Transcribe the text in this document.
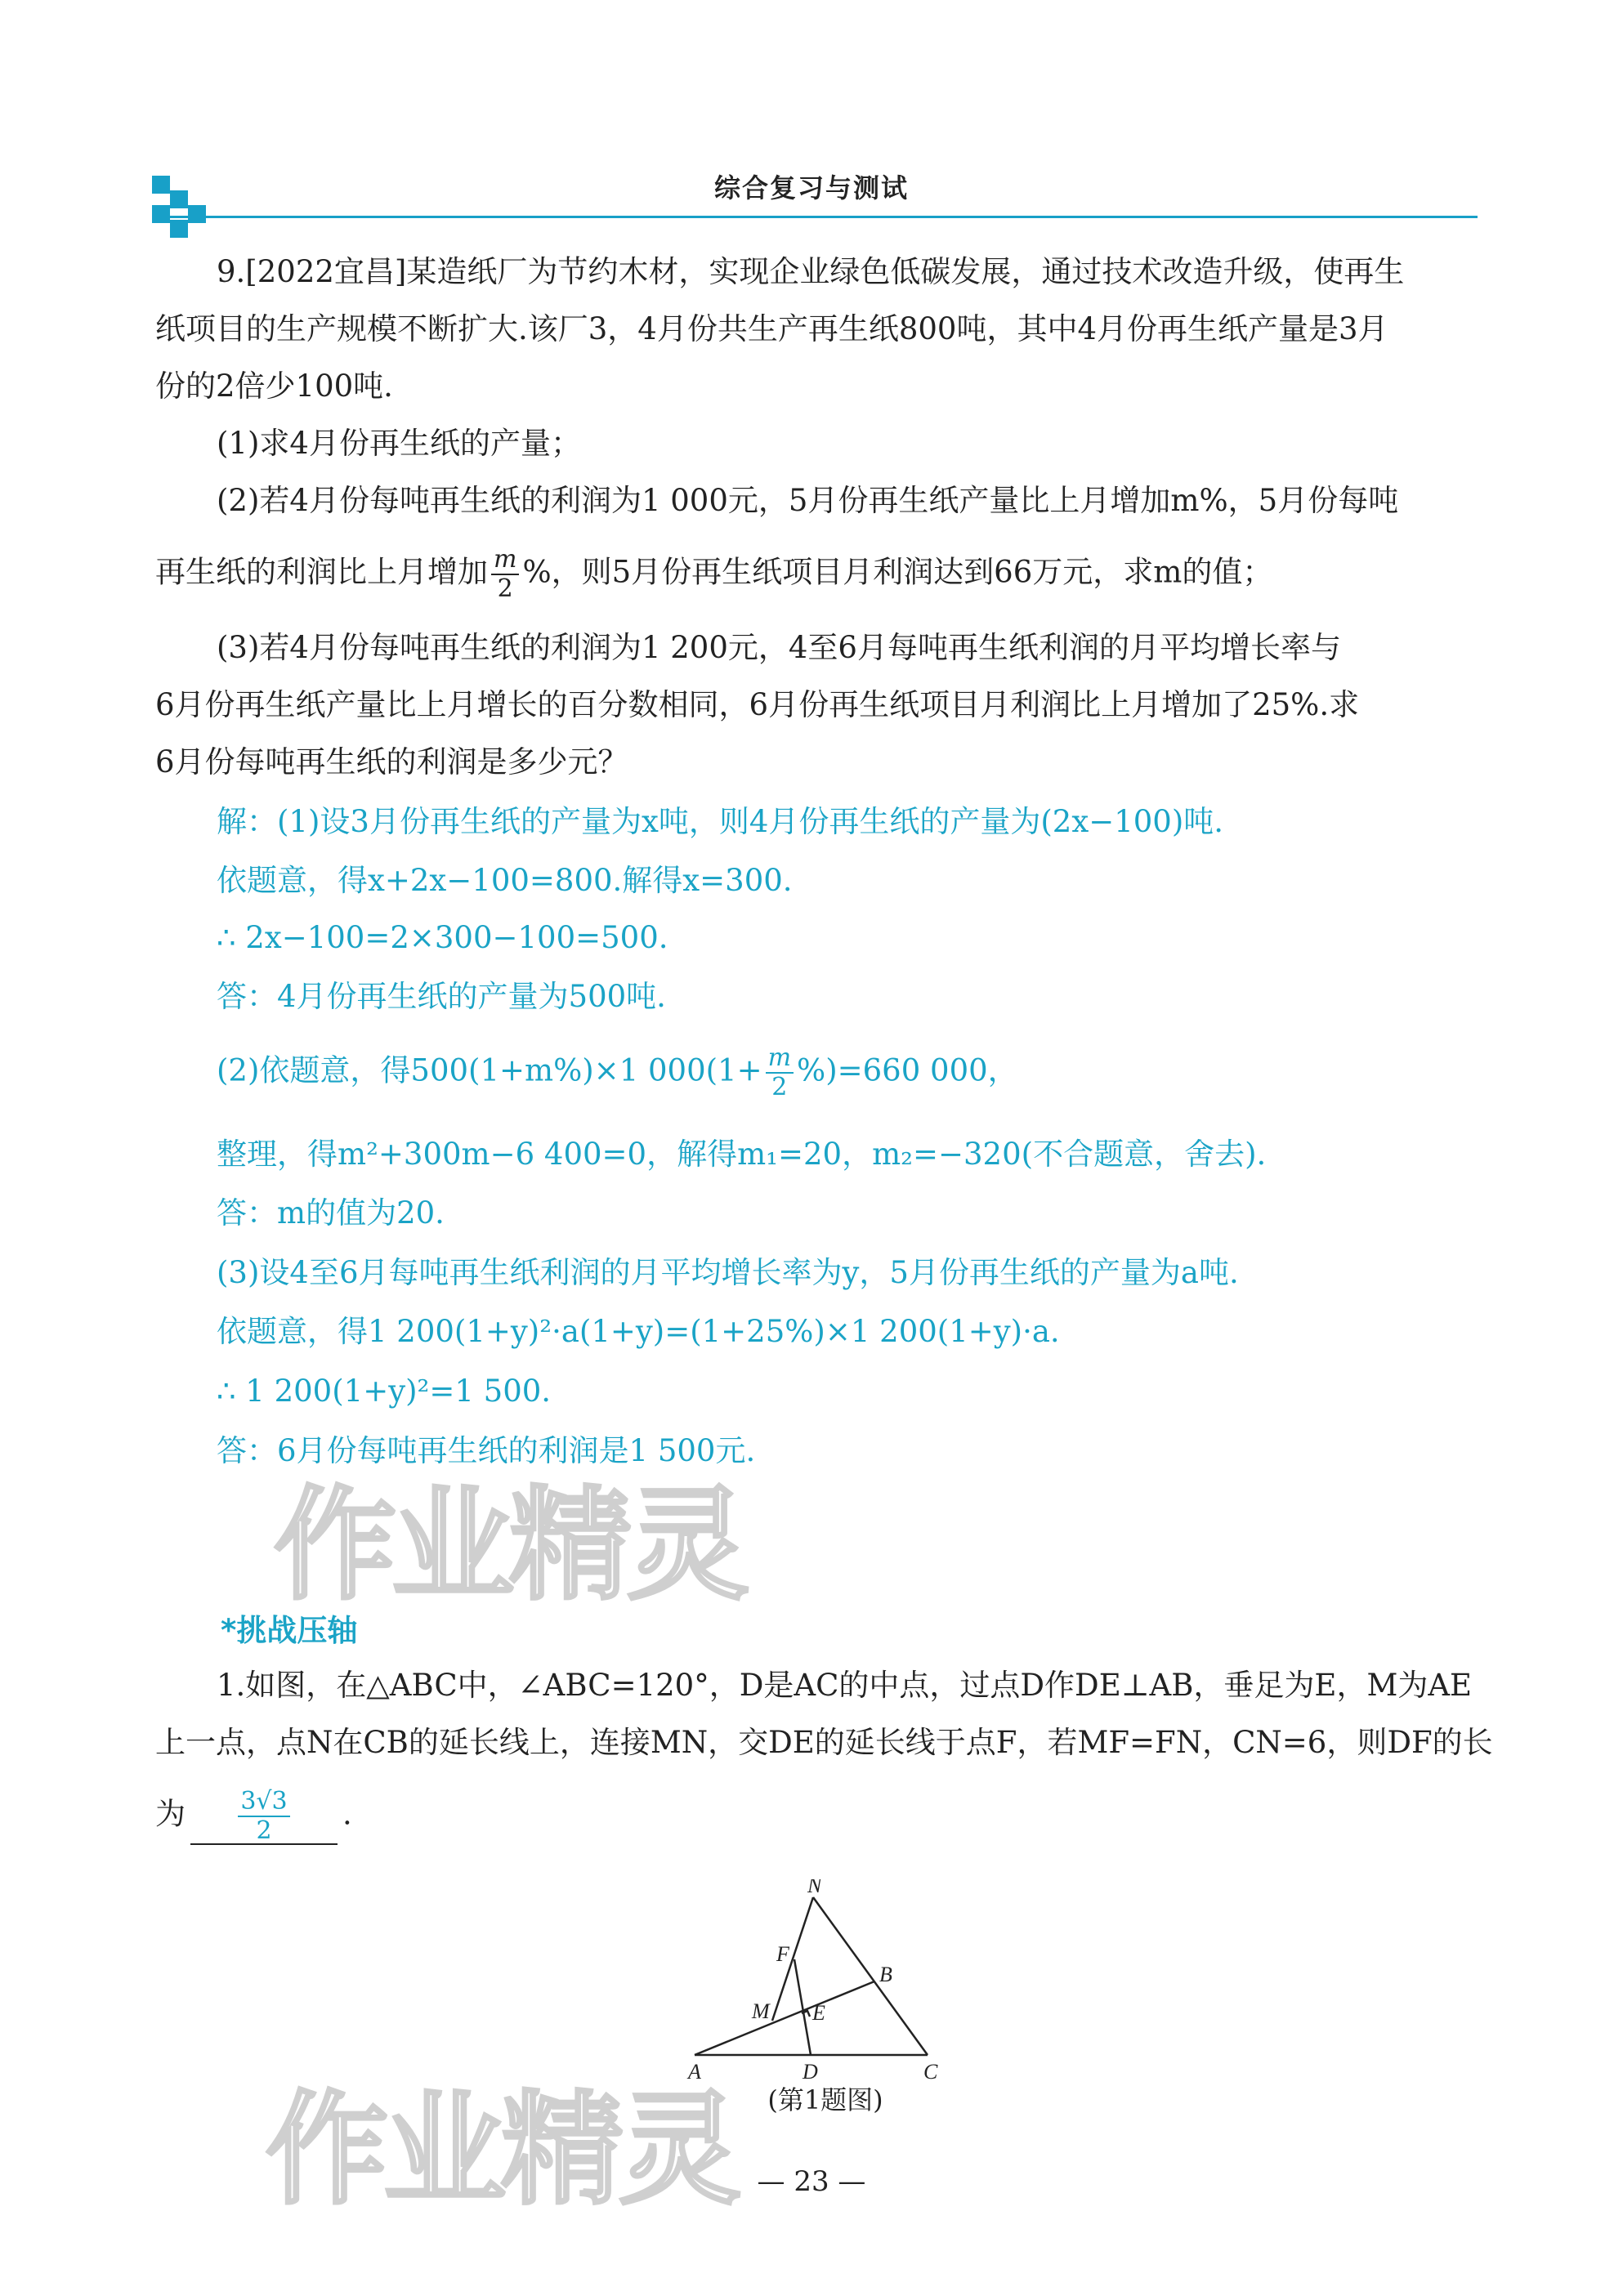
综合复习与测试
9.[2022宜昌]某造纸厂为节约木材，实现企业绿色低碳发展，通过技术改造升级，使再生
纸项目的生产规模不断扩大.该厂3，4月份共生产再生纸800吨，其中4月份再生纸产量是3月
份的2倍少100吨.
(1)求4月份再生纸的产量；
(2)若4月份每吨再生纸的利润为1 000元，5月份再生纸产量比上月增加m%，5月份每吨
再生纸的利润比上月增加 $\frac{m}{2}$ %，则5月份再生纸项目月利润达到66万元，求m的值；
(3)若4月份每吨再生纸的利润为1 200元，4至6月每吨再生纸利润的月平均增长率与
6月份再生纸产量比上月增长的百分数相同，6月份再生纸项目月利润比上月增加了25%.求
6月份每吨再生纸的利润是多少元？
解：(1)设3月份再生纸的产量为x吨，则4月份再生纸的产量为(2x−100)吨.
依题意，得x+2x−100=800.解得x=300.
∴ 2x−100=2×300−100=500.
答：4月份再生纸的产量为500吨.
(2)依题意，得500(1+m%)×1 $000(1+ \frac{m}{2} \%)=660$ 000，
整理，得m²+300m−6 400=0，解得m₁=20，m₂=−320(不合题意，舍去).
答：m的值为20.
(3)设4至6月每吨再生纸利润的月平均增长率为y，5月份再生纸的产量为a吨.
依题意，得1 200(1+y)²·a(1+y)=(1+25%)×1 200(1+y)·a.
∴ 1 200(1+y)²=1 500.
答：6月份每吨再生纸的利润是1 500元.
作业精灵
*挑战压轴
1.如图，在△ABC中，∠ABC=120°，D是AC的中点，过点D作DE⊥AB，垂足为E，M为AE
上一点，点N在CB的延长线上，连接MN，交DE的延长线于点F，若MF=FN，CN=6，则DF的长
为 $\frac{3√3}{2}$ .
N
F
B
M E
A	D	C
(第1题图)
作业精灵 — 23 —
